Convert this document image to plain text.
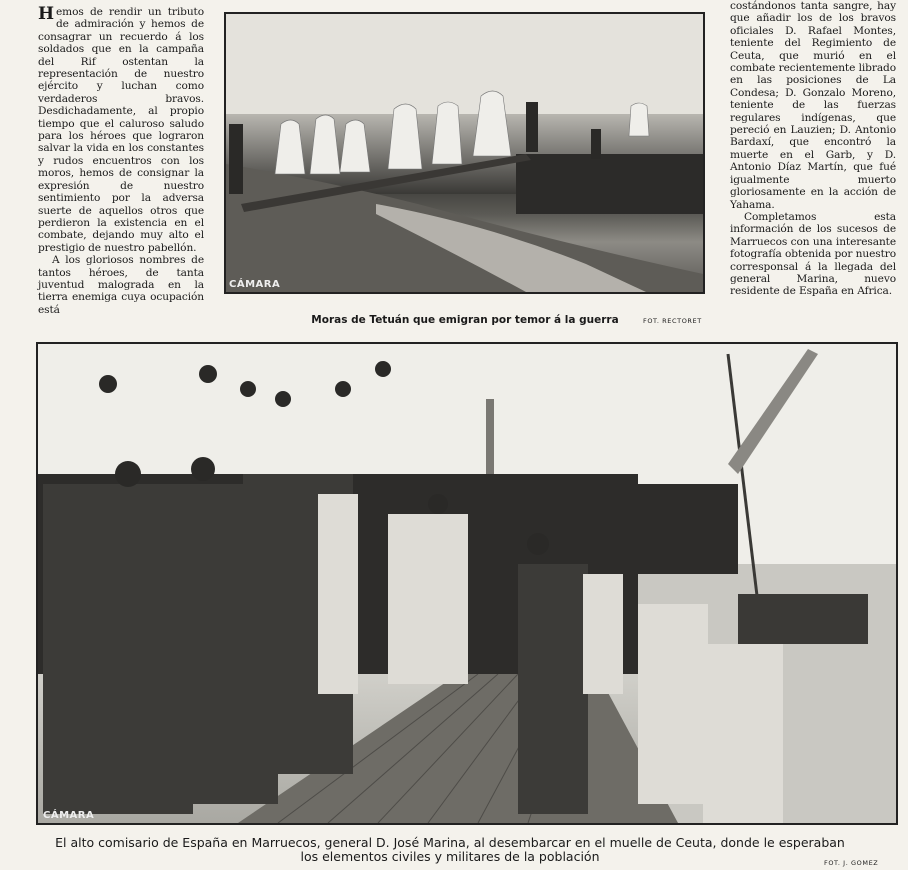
Hemos de rendir un tributo de admiración y hemos de consagrar un recuerdo á los soldados que en la campaña del Rif ostentan la representación de nuestro ejército y luchan como verdaderos bravos. Desdichadamente, al propio tiempo que el caluroso saludo para los héroes que lograron salvar la vida en los constantes y rudos encuentros con los moros, hemos de consignar la expresión de nuestro sentimiento por la adversa suerte de aquellos otros que perdieron la existencia en el combate, dejando muy alto el prestigio de nuestro pabellón.

A los gloriosos nombres de tantos héroes, de tanta juventud malograda en la tierra enemiga cuya ocupación está

CÁMARA
Moras de Tetuán que emigran por temor á la guerra	FOT. RECTORET

costándonos tanta sangre, hay que añadir los de los bravos oficiales D. Rafael Montes, teniente del Regimiento de Ceuta, que murió en el combate recientemente librado en las posiciones de La Condesa; D. Gonzalo Moreno, teniente de las fuerzas regulares indígenas, que pereció en Lauzien; D. Antonio Bardaxí, que encontró la muerte en el Garb, y D. Antonio Díaz Martín, que fué igualmente muerto gloriosamente en la acción de Yahama.

Completamos esta información de los sucesos de Marruecos con una interesante fotografía obtenida por nuestro corresponsal á la llegada del general Marina, nuevo residente de España en Africa.

CÁMARA
El alto comisario de España en Marruecos, general D. José Marina, al desembarcar en el muelle de Ceuta, donde le esperaban
los elementos civiles y militares de la población	FOT. J. GOMEZ
